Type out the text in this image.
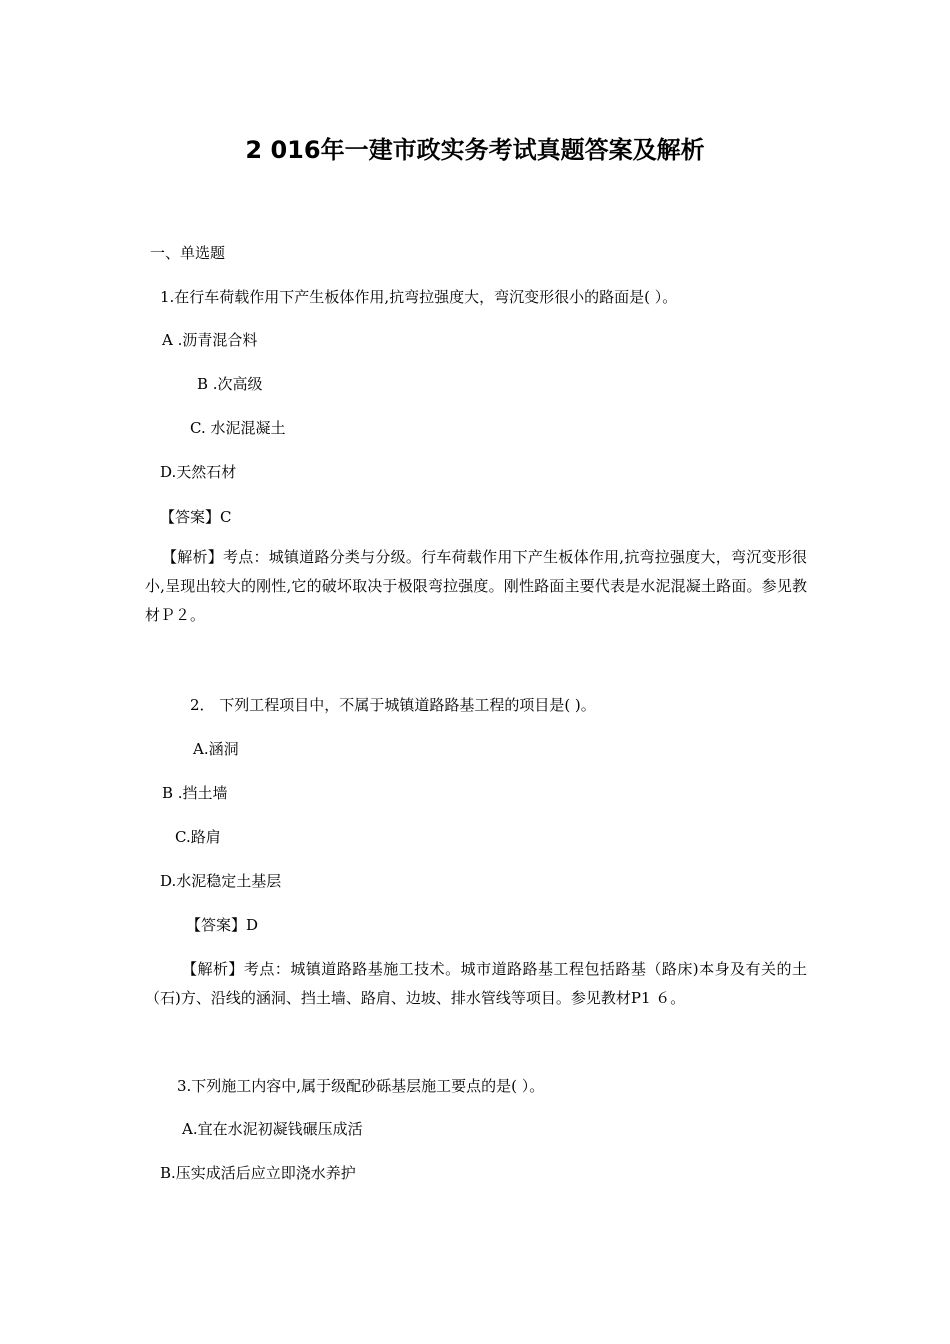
2 016年一建市政实务考试真题答案及解析
一、单选题
1.在行车荷载作用下产生板体作用,抗弯拉强度大，弯沉变形很小的路面是( ）。
A .沥青混合料
B .次高级
C. 水泥混凝土
D.天然石材
【答案】C
【解析】考点：城镇道路分类与分级。行车荷载作用下产生板体作用,抗弯拉强度大，弯沉变形很小,呈现出较大的刚性,它的破坏取决于极限弯拉强度。刚性路面主要代表是水泥混凝土路面。参见教材Ｐ２。
2． 下列工程项目中，不属于城镇道路路基工程的项目是( )。
A.涵洞
B .挡土墙
C.路肩
D.水泥稳定土基层
【答案】D
【解析】考点：城镇道路路基施工技术。城市道路路基工程包括路基（路床)本身及有关的土（石)方、沿线的涵洞、挡土墙、路肩、边坡、排水管线等项目。参见教材P1 ６。
3.下列施工内容中,属于级配砂砾基层施工要点的是( ）。
A.宜在水泥初凝钱碾压成活
B.压实成活后应立即浇水养护
